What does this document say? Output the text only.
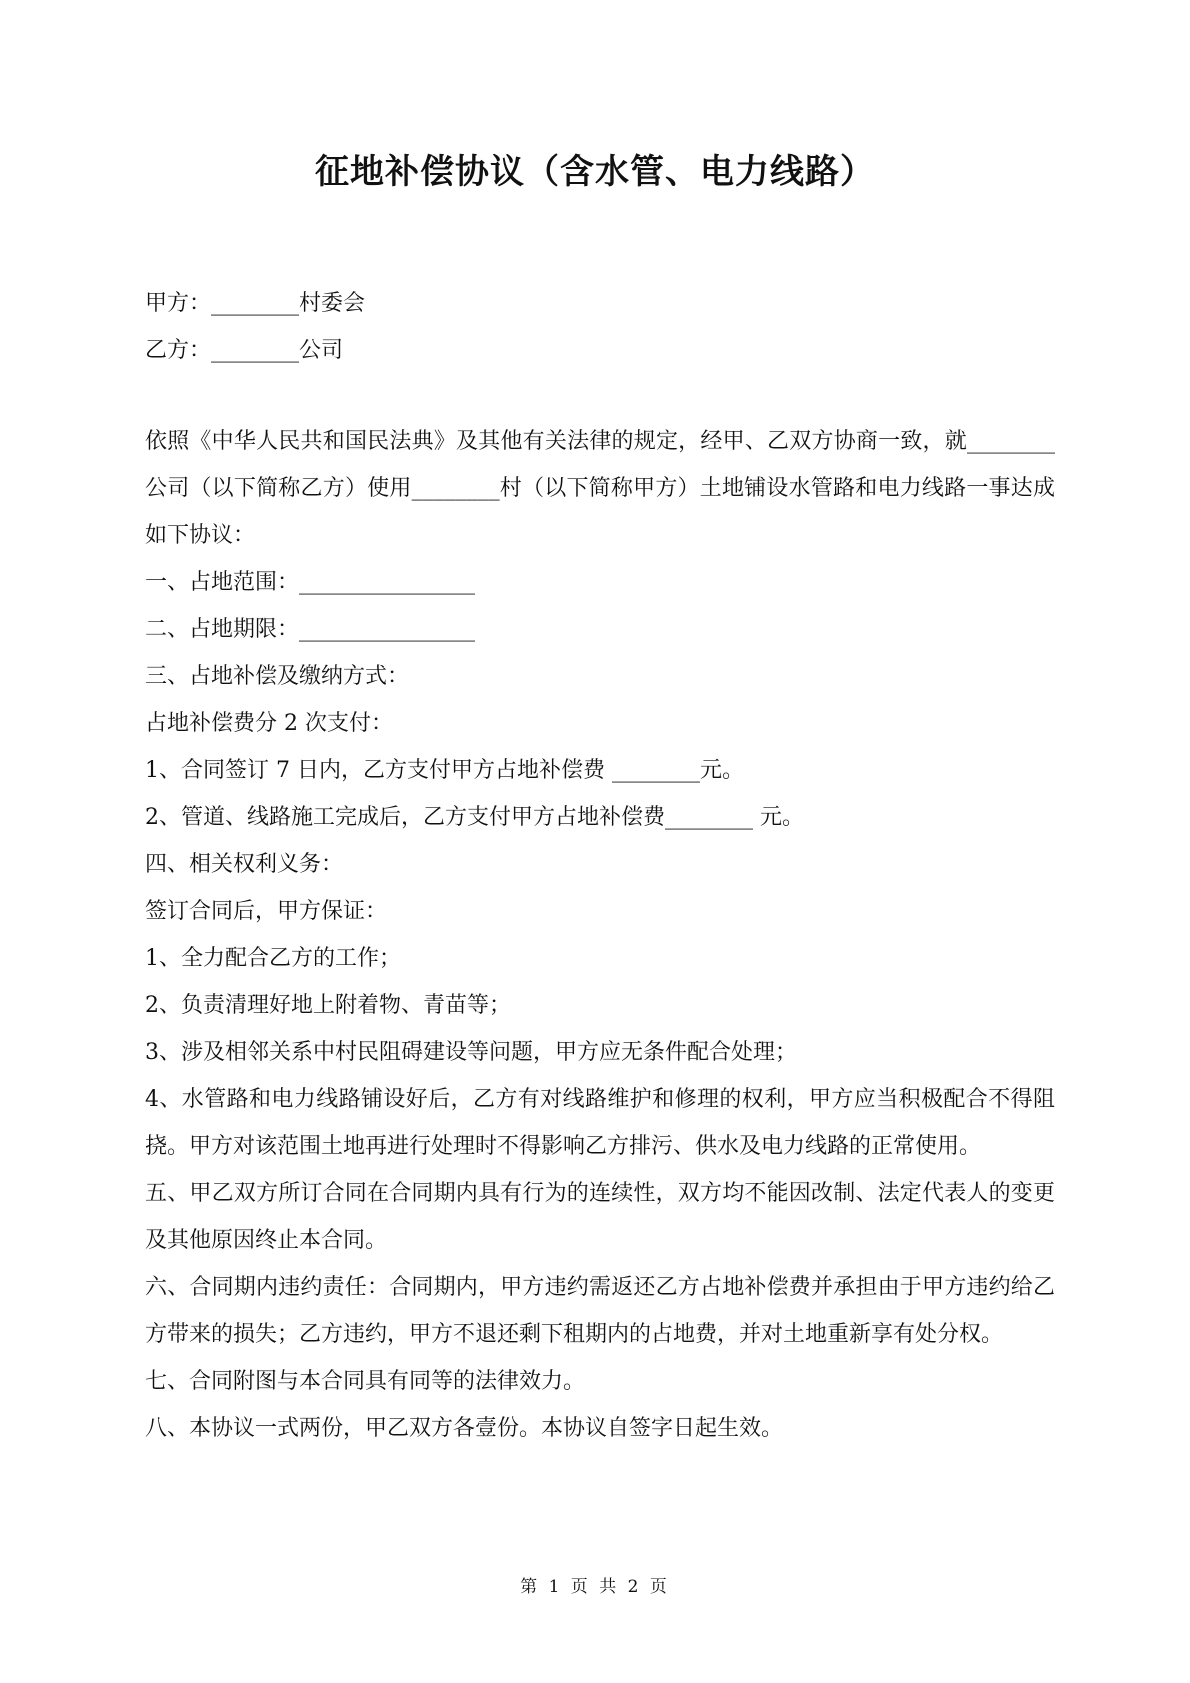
征地补偿协议（含水管、电力线路）

甲方：________村委会

乙方：________公司

依照《中华人民共和国民法典》及其他有关法律的规定，经甲、乙双方协商一致，就________公司（以下简称乙方）使用________村（以下简称甲方）土地铺设水管路和电力线路一事达成如下协议：

一、占地范围：________________

二、占地期限：________________

三、占地补偿及缴纳方式：

占地补偿费分 2 次支付：

1、合同签订 7 日内，乙方支付甲方占地补偿费 ________元。

2、管道、线路施工完成后，乙方支付甲方占地补偿费________ 元。

四、相关权利义务：

签订合同后，甲方保证：

1、全力配合乙方的工作；

2、负责清理好地上附着物、青苗等；

3、涉及相邻关系中村民阻碍建设等问题，甲方应无条件配合处理；

4、水管路和电力线路铺设好后，乙方有对线路维护和修理的权利，甲方应当积极配合不得阻挠。甲方对该范围土地再进行处理时不得影响乙方排污、供水及电力线路的正常使用。

五、甲乙双方所订合同在合同期内具有行为的连续性，双方均不能因改制、法定代表人的变更及其他原因终止本合同。

六、合同期内违约责任：合同期内，甲方违约需返还乙方占地补偿费并承担由于甲方违约给乙方带来的损失；乙方违约，甲方不退还剩下租期内的占地费，并对土地重新享有处分权。

七、合同附图与本合同具有同等的法律效力。

八、本协议一式两份，甲乙双方各壹份。本协议自签字日起生效。

第 1 页 共 2 页
